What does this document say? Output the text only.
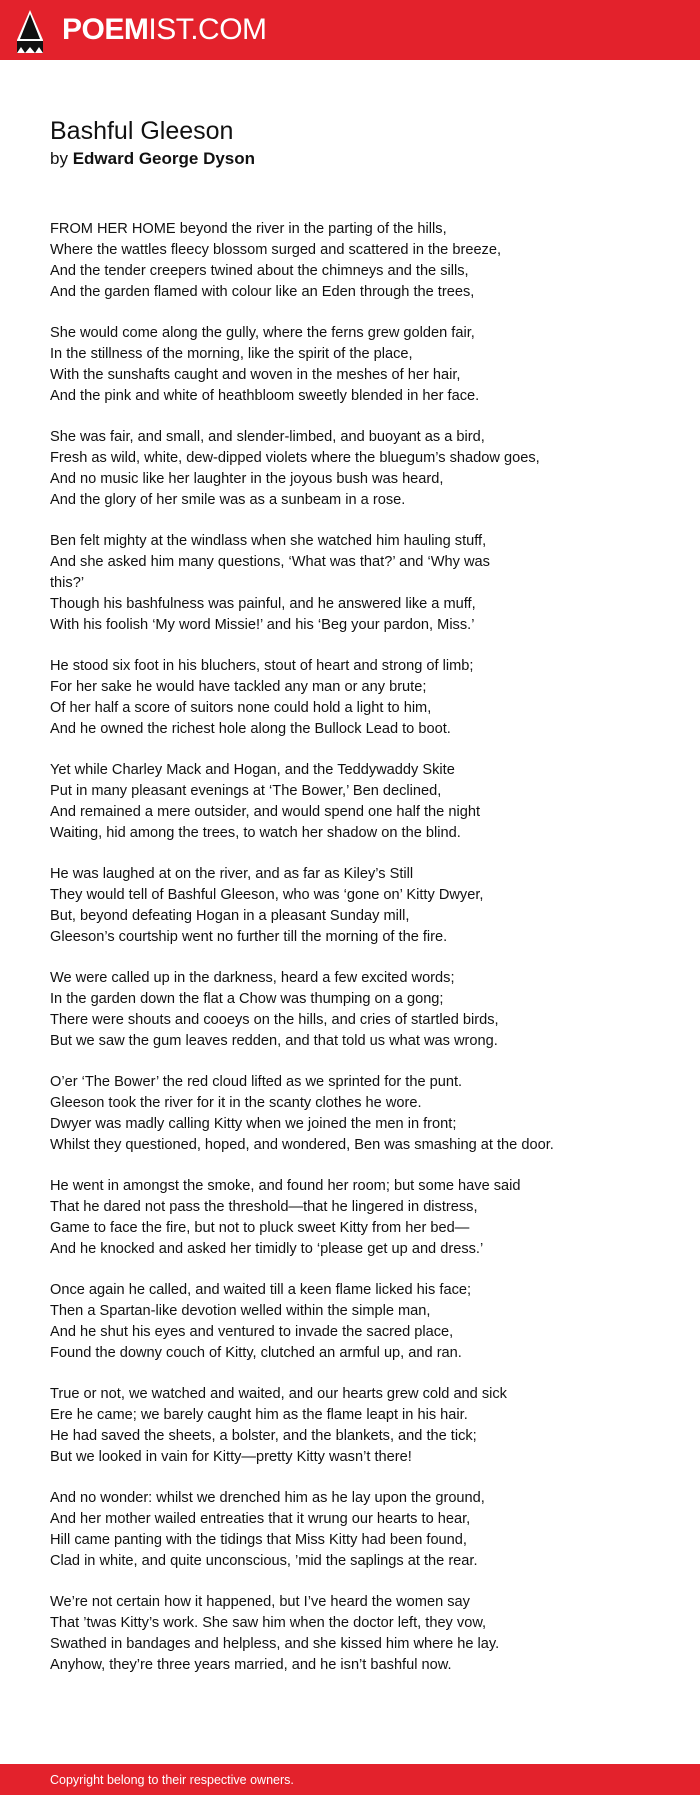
POEMIST.COM
Bashful Gleeson
by Edward George Dyson

FROM HER HOME beyond the river in the parting of the hills,
Where the wattles fleecy blossom surged and scattered in the breeze,
And the tender creepers twined about the chimneys and the sills,
And the garden flamed with colour like an Eden through the trees,

She would come along the gully, where the ferns grew golden fair,
In the stillness of the morning, like the spirit of the place,
With the sunshafts caught and woven in the meshes of her hair,
And the pink and white of heathbloom sweetly blended in her face.

She was fair, and small, and slender-limbed, and buoyant as a bird,
Fresh as wild, white, dew-dipped violets where the bluegum’s shadow goes,
And no music like her laughter in the joyous bush was heard,
And the glory of her smile was as a sunbeam in a rose.

Ben felt mighty at the windlass when she watched him hauling stuff,
And she asked him many questions, ‘What was that?’ and ‘Why was
this?’
Though his bashfulness was painful, and he answered like a muff,
With his foolish ‘My word Missie!’ and his ‘Beg your pardon, Miss.’

He stood six foot in his bluchers, stout of heart and strong of limb;
For her sake he would have tackled any man or any brute;
Of her half a score of suitors none could hold a light to him,
And he owned the richest hole along the Bullock Lead to boot.

Yet while Charley Mack and Hogan, and the Teddywaddy Skite
Put in many pleasant evenings at ‘The Bower,’ Ben declined,
And remained a mere outsider, and would spend one half the night
Waiting, hid among the trees, to watch her shadow on the blind.

He was laughed at on the river, and as far as Kiley’s Still
They would tell of Bashful Gleeson, who was ‘gone on’ Kitty Dwyer,
But, beyond defeating Hogan in a pleasant Sunday mill,
Gleeson’s courtship went no further till the morning of the fire.

We were called up in the darkness, heard a few excited words;
In the garden down the flat a Chow was thumping on a gong;
There were shouts and cooeys on the hills, and cries of startled birds,
But we saw the gum leaves redden, and that told us what was wrong.

O’er ‘The Bower’ the red cloud lifted as we sprinted for the punt.
Gleeson took the river for it in the scanty clothes he wore.
Dwyer was madly calling Kitty when we joined the men in front;
Whilst they questioned, hoped, and wondered, Ben was smashing at the door.

He went in amongst the smoke, and found her room; but some have said
That he dared not pass the threshold—that he lingered in distress,
Game to face the fire, but not to pluck sweet Kitty from her bed—
And he knocked and asked her timidly to ‘please get up and dress.’

Once again he called, and waited till a keen flame licked his face;
Then a Spartan-like devotion welled within the simple man,
And he shut his eyes and ventured to invade the sacred place,
Found the downy couch of Kitty, clutched an armful up, and ran.

True or not, we watched and waited, and our hearts grew cold and sick
Ere he came; we barely caught him as the flame leapt in his hair.
He had saved the sheets, a bolster, and the blankets, and the tick;
But we looked in vain for Kitty—pretty Kitty wasn’t there!

And no wonder: whilst we drenched him as he lay upon the ground,
And her mother wailed entreaties that it wrung our hearts to hear,
Hill came panting with the tidings that Miss Kitty had been found,
Clad in white, and quite unconscious, ’mid the saplings at the rear.

We’re not certain how it happened, but I’ve heard the women say
That ’twas Kitty’s work. She saw him when the doctor left, they vow,
Swathed in bandages and helpless, and she kissed him where he lay.
Anyhow, they’re three years married, and he isn’t bashful now.

Copyright belong to their respective owners.
